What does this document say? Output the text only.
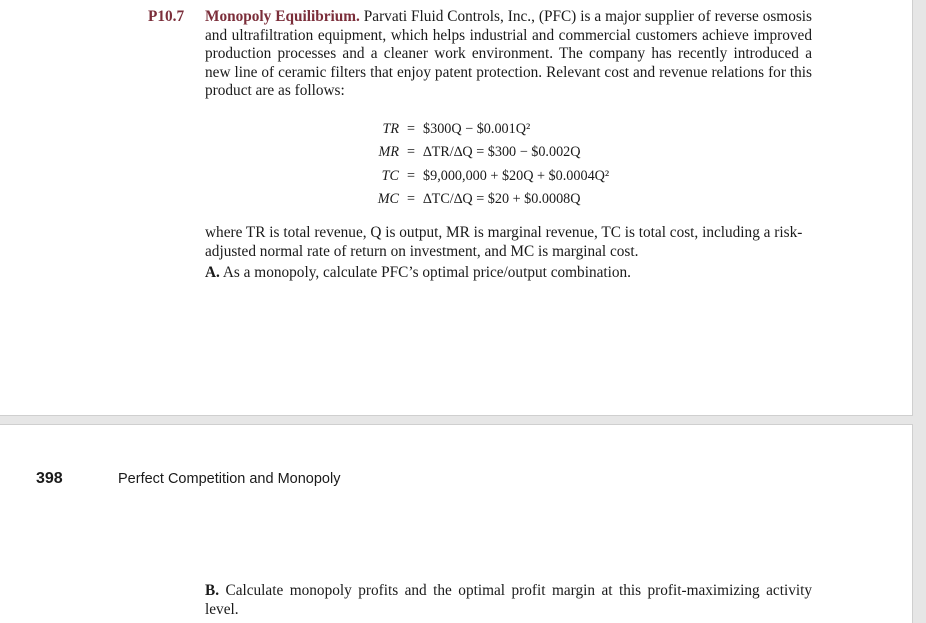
P10.7 Monopoly Equilibrium. Parvati Fluid Controls, Inc., (PFC) is a major supplier of reverse osmosis and ultrafiltration equipment, which helps industrial and commercial customers achieve improved production processes and a cleaner work environment. The company has recently introduced a new line of ceramic filters that enjoy patent protection. Relevant cost and revenue relations for this product are as follows:
TR = $300Q − $0.001Q²
MR = ∆TR/∆Q = $300 − $0.002Q
TC = $9,000,000 + $20Q + $0.0004Q²
MC = ∆TC/∆Q = $20 + $0.0008Q
where TR is total revenue, Q is output, MR is marginal revenue, TC is total cost, including a risk-adjusted normal rate of return on investment, and MC is marginal cost.
A. As a monopoly, calculate PFC’s optimal price/output combination.
398	Perfect Competition and Monopoly
B. Calculate monopoly profits and the optimal profit margin at this profit-maximizing activity level.
